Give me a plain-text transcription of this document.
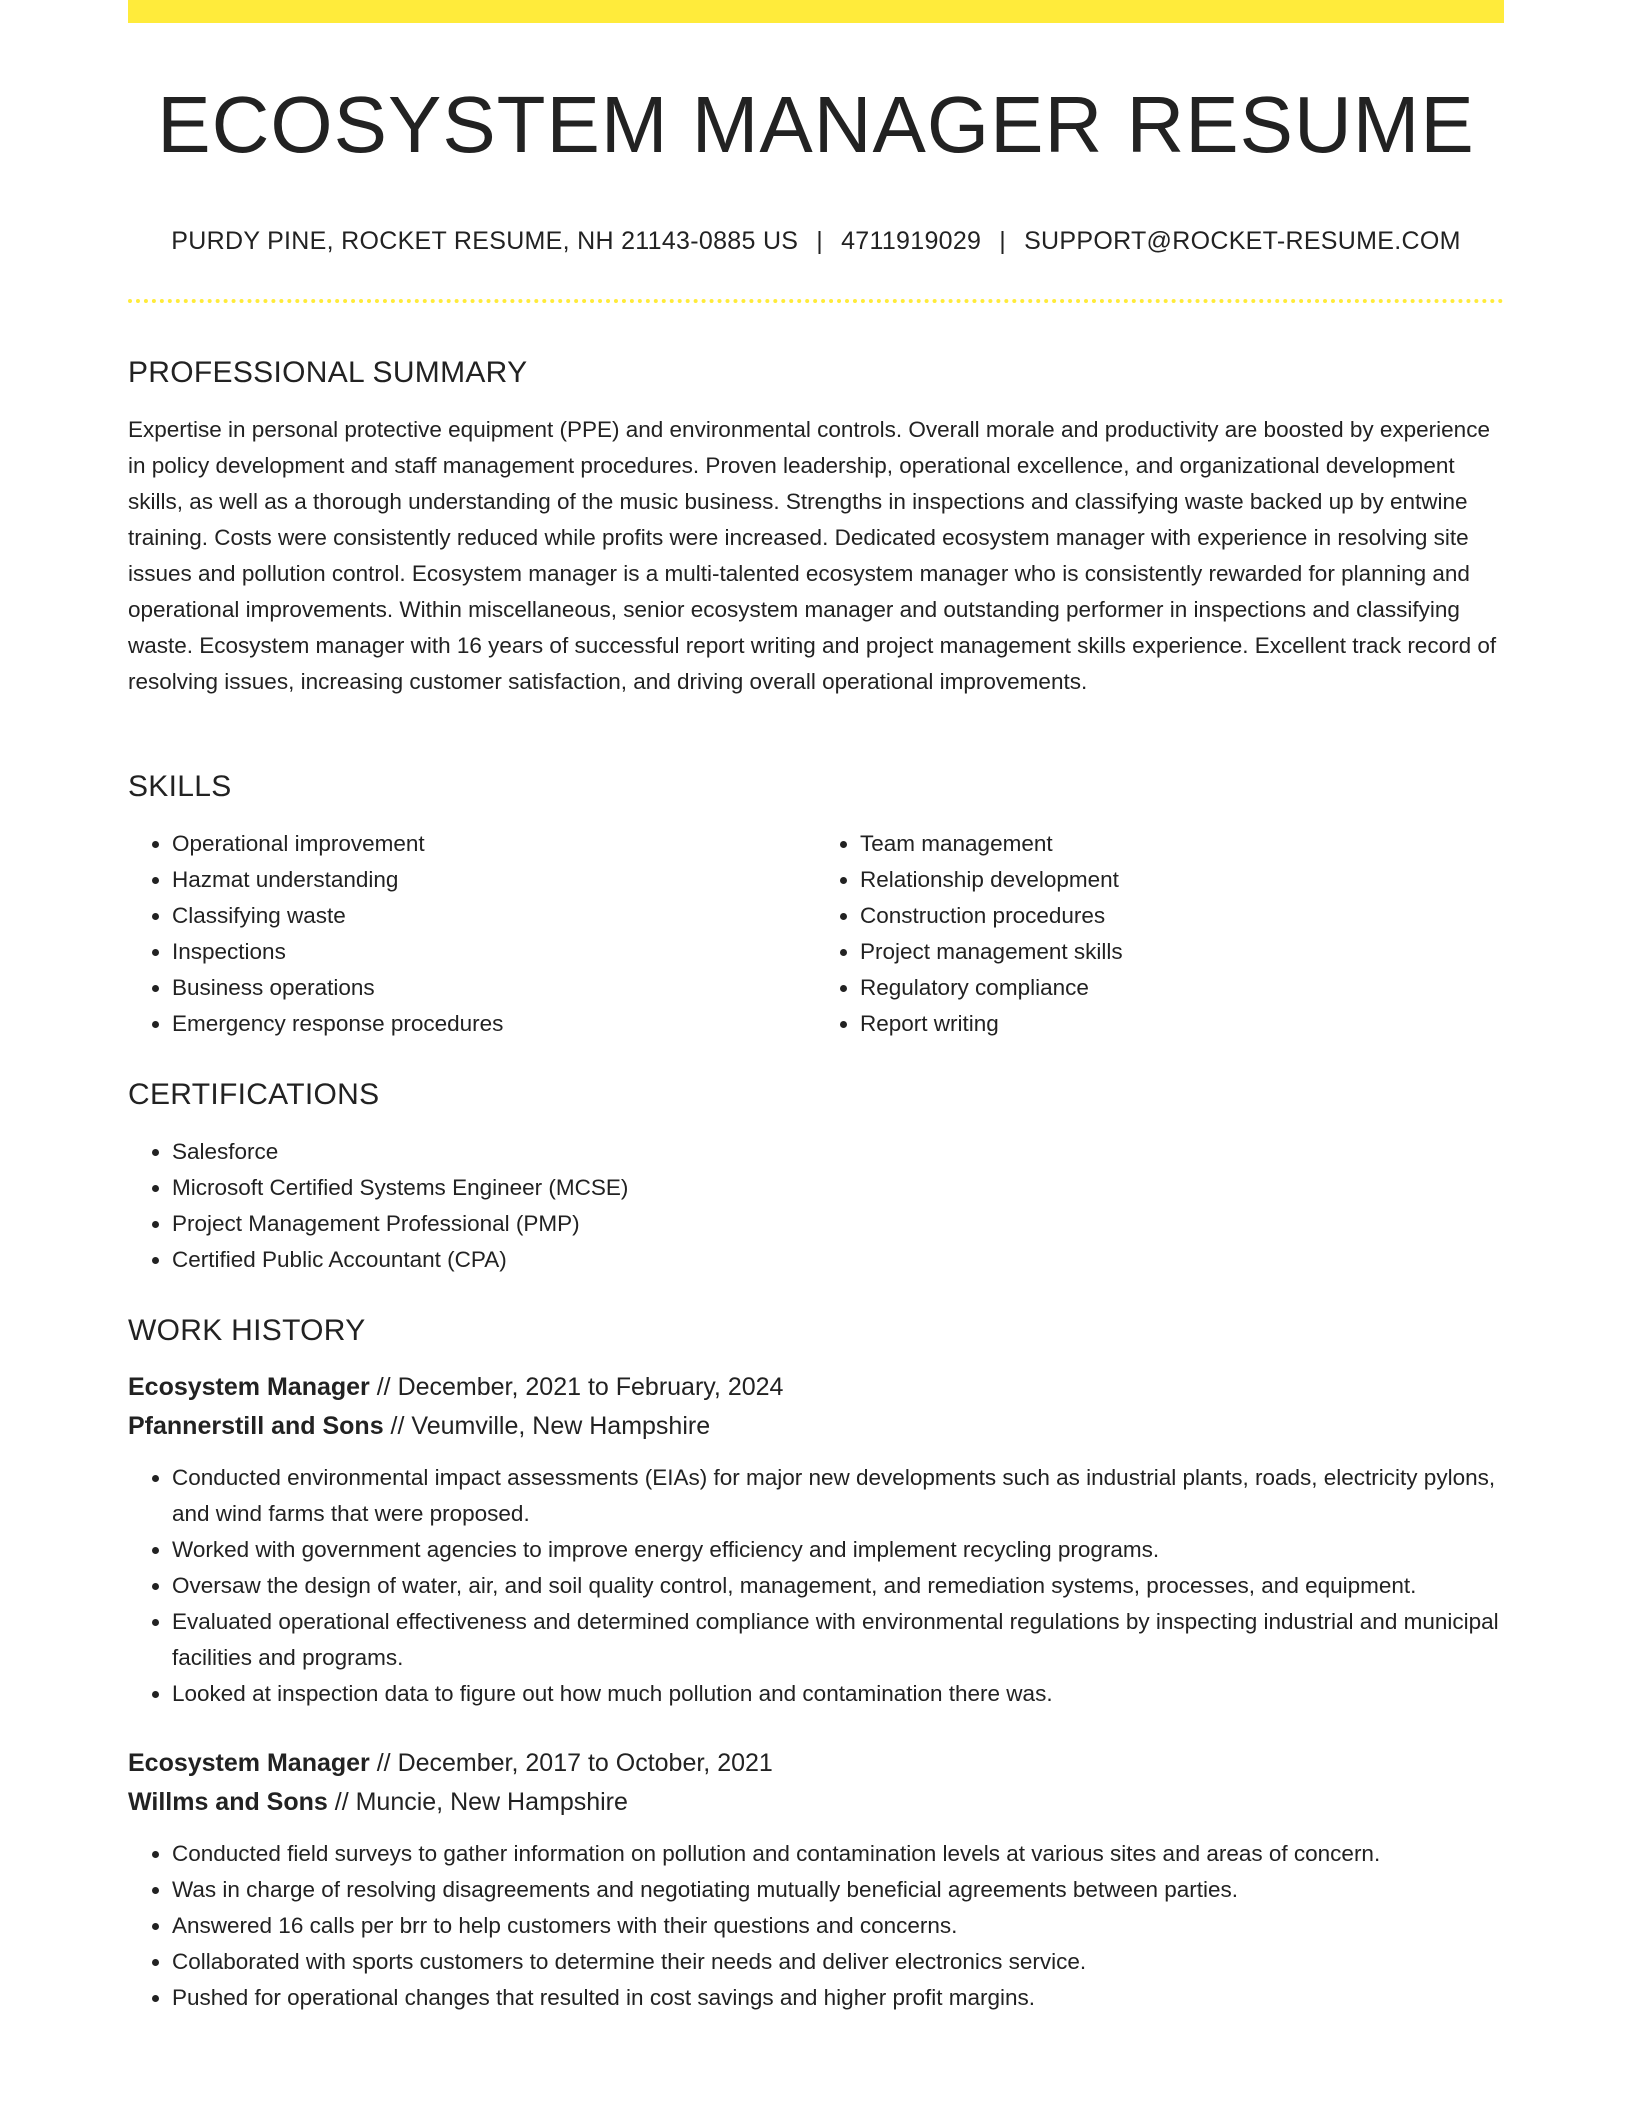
ECOSYSTEM MANAGER RESUME
PURDY PINE, ROCKET RESUME, NH 21143-0885 US | 4711919029 | SUPPORT@ROCKET-RESUME.COM
PROFESSIONAL SUMMARY

Expertise in personal protective equipment (PPE) and environmental controls. Overall morale and productivity are boosted by experience in policy development and staff management procedures. Proven leadership, operational excellence, and organizational development skills, as well as a thorough understanding of the music business. Strengths in inspections and classifying waste backed up by entwine training. Costs were consistently reduced while profits were increased. Dedicated ecosystem manager with experience in resolving site issues and pollution control. Ecosystem manager is a multi-talented ecosystem manager who is consistently rewarded for planning and operational improvements. Within miscellaneous, senior ecosystem manager and outstanding performer in inspections and classifying waste. Ecosystem manager with 16 years of successful report writing and project management skills experience. Excellent track record of resolving issues, increasing customer satisfaction, and driving overall operational improvements.

SKILLS
• Operational improvement
• Hazmat understanding
• Classifying waste
• Inspections
• Business operations
• Emergency response procedures
• Team management
• Relationship development
• Construction procedures
• Project management skills
• Regulatory compliance
• Report writing
CERTIFICATIONS
• Salesforce
• Microsoft Certified Systems Engineer (MCSE)
• Project Management Professional (PMP)
• Certified Public Accountant (CPA)
WORK HISTORY
Ecosystem Manager // December, 2021 to February, 2024
Pfannerstill and Sons // Veumville, New Hampshire
• Conducted environmental impact assessments (EIAs) for major new developments such as industrial plants, roads, electricity pylons, and wind farms that were proposed.
• Worked with government agencies to improve energy efficiency and implement recycling programs.
• Oversaw the design of water, air, and soil quality control, management, and remediation systems, processes, and equipment.
• Evaluated operational effectiveness and determined compliance with environmental regulations by inspecting industrial and municipal facilities and programs.
• Looked at inspection data to figure out how much pollution and contamination there was.
Ecosystem Manager // December, 2017 to October, 2021
Willms and Sons // Muncie, New Hampshire
• Conducted field surveys to gather information on pollution and contamination levels at various sites and areas of concern.
• Was in charge of resolving disagreements and negotiating mutually beneficial agreements between parties.
• Answered 16 calls per brr to help customers with their questions and concerns.
• Collaborated with sports customers to determine their needs and deliver electronics service.
• Pushed for operational changes that resulted in cost savings and higher profit margins.
